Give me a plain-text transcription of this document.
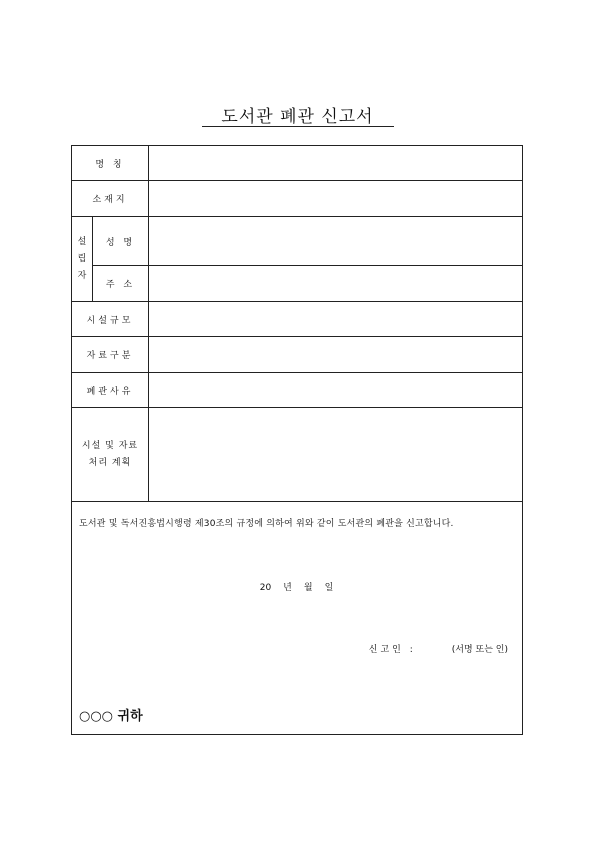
도서관 폐관 신고서
명 칭		
소재지		

설
립
자	성 명	
	주 소	
시설규모		
자료구분		
폐관사유		

시설 및 자료
처리 계획		

도서관 및 독서진흥법시행령 제30조의 규정에 의하여 위와 같이 도서관의 폐관을 신고합니다.
20 년 월 일
신고인 : (서명 또는 인)
○○○ 귀하		
